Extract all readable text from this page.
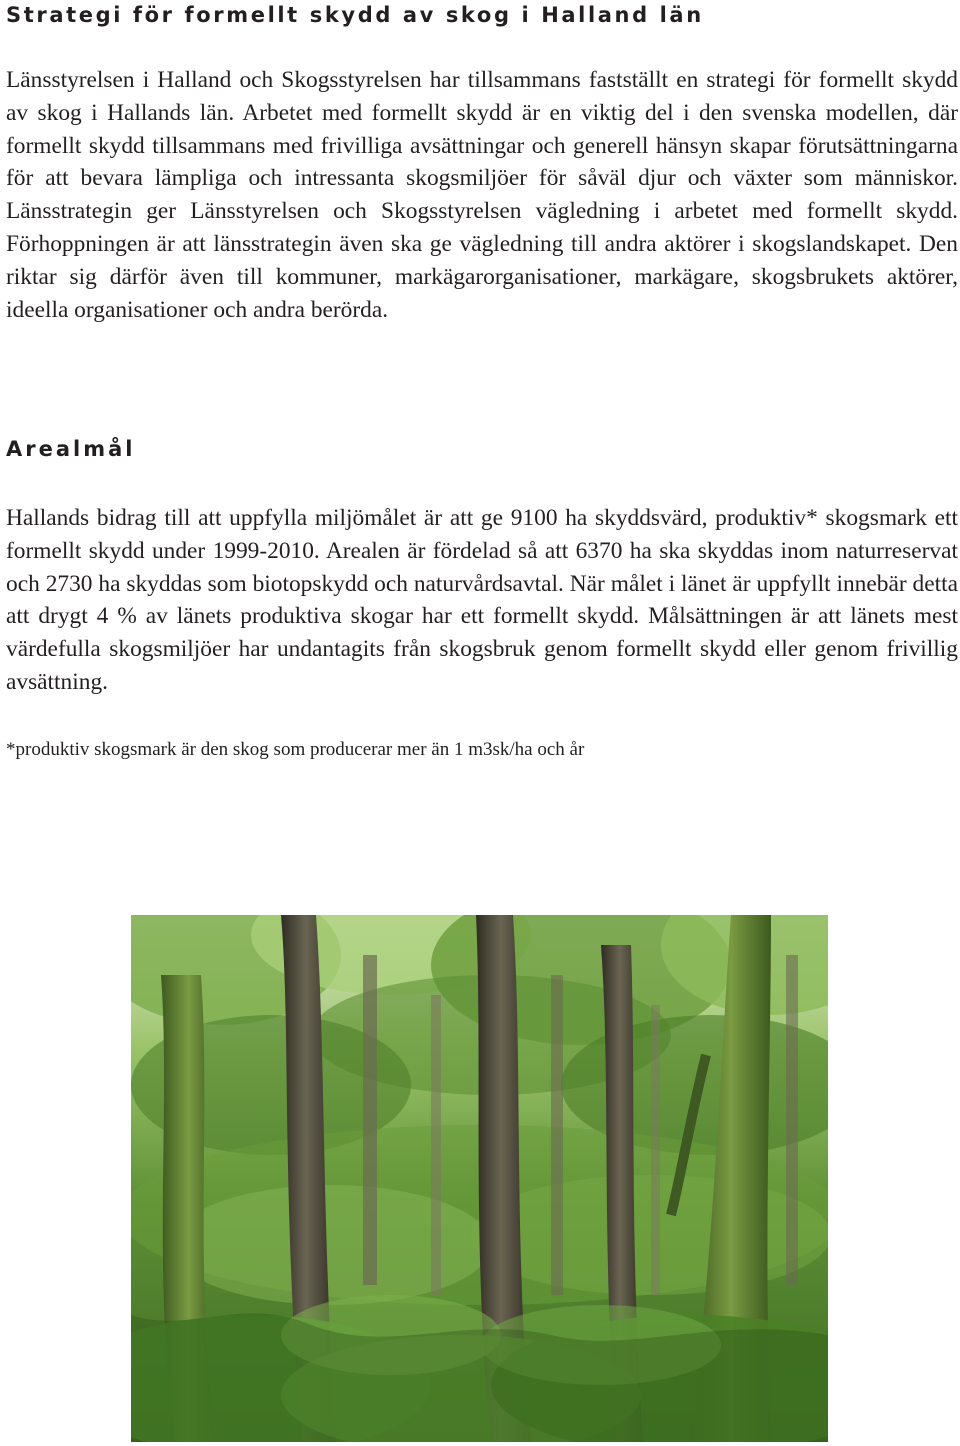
Strategi för formellt skydd av skog i Halland län

Länsstyrelsen i Halland och Skogsstyrelsen har tillsammans fastställt en strategi för formellt skydd av skog i Hallands län. Arbetet med formellt skydd är en viktig del i den svenska modellen, där formellt skydd tillsammans med frivilliga avsättningar och generell hänsyn skapar förutsättningarna för att bevara lämpliga och intressanta skogsmiljöer för såväl djur och växter som människor. Länsstrategin ger Länsstyrelsen och Skogsstyrelsen vägledning i arbetet med formellt skydd. Förhoppningen är att länsstrategin även ska ge vägledning till andra aktörer i skogslandskapet. Den riktar sig därför även till kommuner, markägarorganisationer, markägare, skogsbrukets aktörer, ideella organisationer och andra berörda.

Arealmål

Hallands bidrag till att uppfylla miljömålet är att ge 9100 ha skyddsvärd, produktiv* skogsmark ett formellt skydd under 1999-2010. Arealen är fördelad så att 6370 ha ska skyddas inom naturreservat och 2730 ha skyddas som biotopskydd och naturvårdsavtal. När målet i länet är uppfyllt innebär detta att drygt 4 % av länets produktiva skogar har ett formellt skydd. Målsättningen är att länets mest värdefulla skogsmiljöer har undantagits från skogsbruk genom formellt skydd eller genom frivillig avsättning.

*produktiv skogsmark är den skog som producerar mer än 1 m3sk/ha och år
